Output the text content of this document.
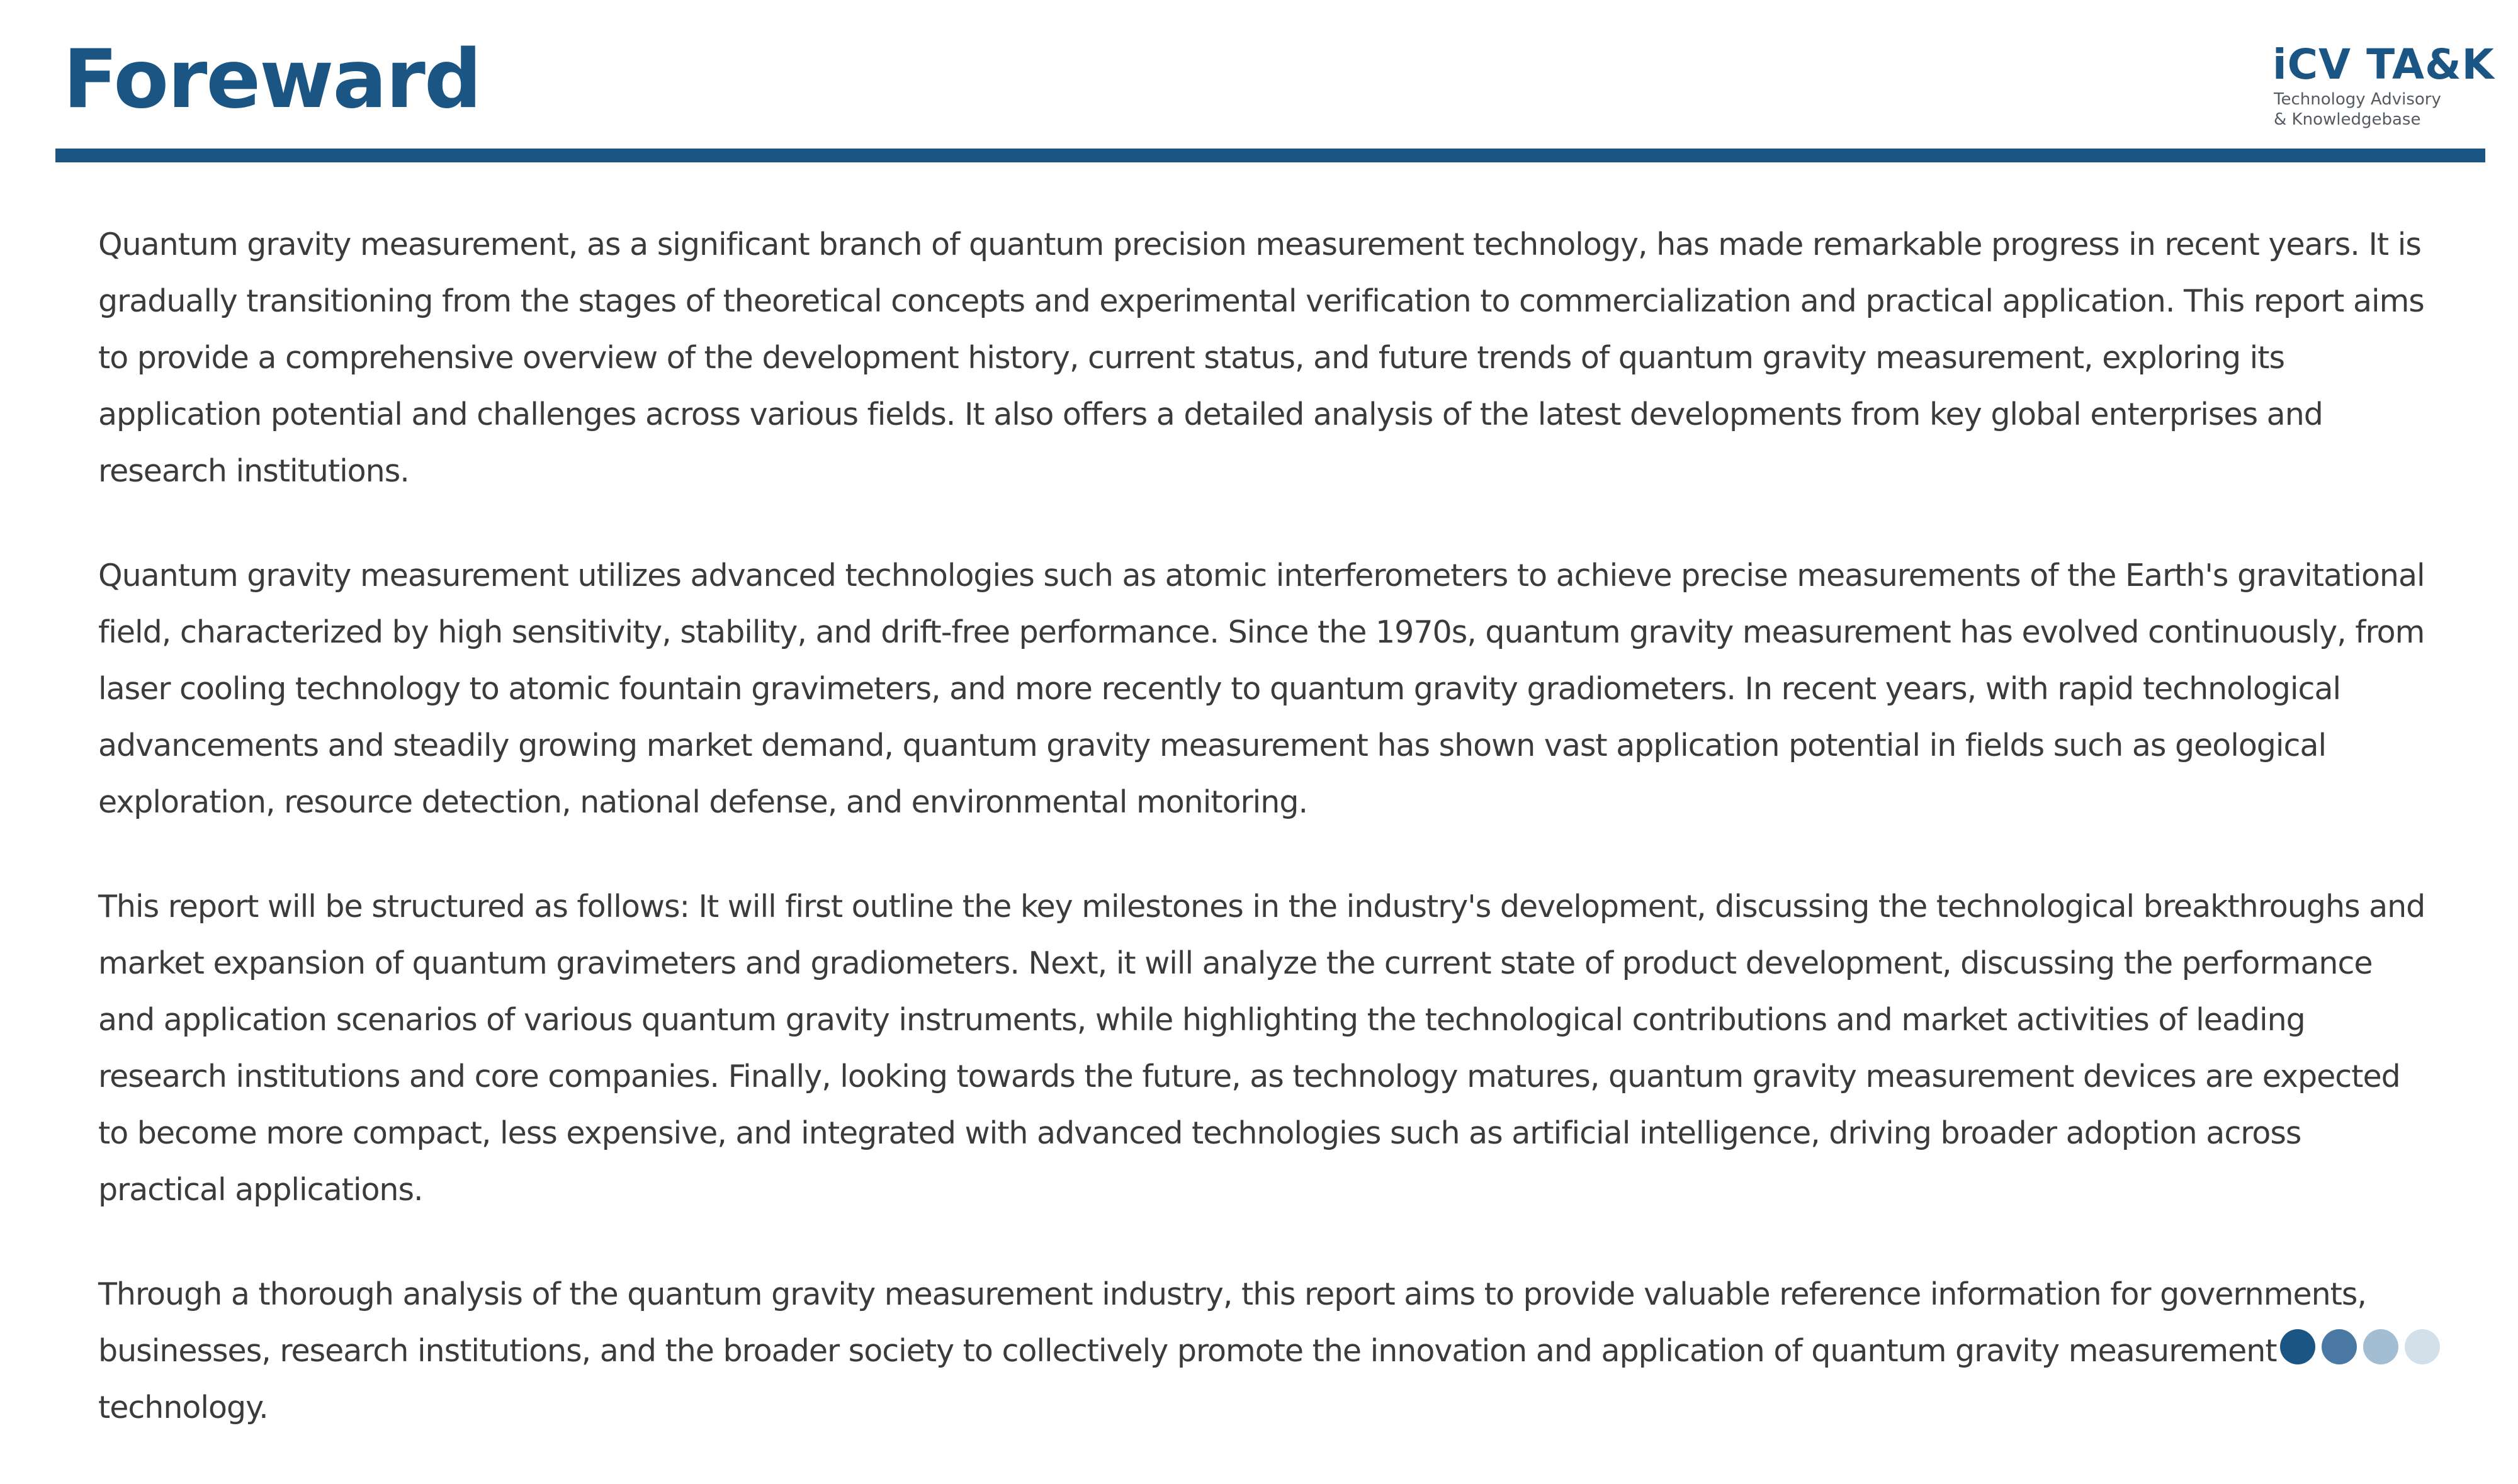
Foreward	iCV TA&K
Technology Advisory
& Knowledgebase

Quantum gravity measurement, as a significant branch of quantum precision measurement technology, has made remarkable progress in recent years. It is gradually transitioning from the stages of theoretical concepts and experimental verification to commercialization and practical application. This report aims to provide a comprehensive overview of the development history, current status, and future trends of quantum gravity measurement, exploring its application potential and challenges across various fields. It also offers a detailed analysis of the latest developments from key global enterprises and research institutions.

Quantum gravity measurement utilizes advanced technologies such as atomic interferometers to achieve precise measurements of the Earth's gravitational field, characterized by high sensitivity, stability, and drift-free performance. Since the 1970s, quantum gravity measurement has evolved continuously, from laser cooling technology to atomic fountain gravimeters, and more recently to quantum gravity gradiometers. In recent years, with rapid technological advancements and steadily growing market demand, quantum gravity measurement has shown vast application potential in fields such as geological exploration, resource detection, national defense, and environmental monitoring.

This report will be structured as follows: It will first outline the key milestones in the industry's development, discussing the technological breakthroughs and market expansion of quantum gravimeters and gradiometers. Next, it will analyze the current state of product development, discussing the performance and application scenarios of various quantum gravity instruments, while highlighting the technological contributions and market activities of leading research institutions and core companies. Finally, looking towards the future, as technology matures, quantum gravity measurement devices are expected to become more compact, less expensive, and integrated with advanced technologies such as artificial intelligence, driving broader adoption across practical applications.

Through a thorough analysis of the quantum gravity measurement industry, this report aims to provide valuable reference information for governments, businesses, research institutions, and the broader society to collectively promote the innovation and application of quantum gravity measurement technology.
